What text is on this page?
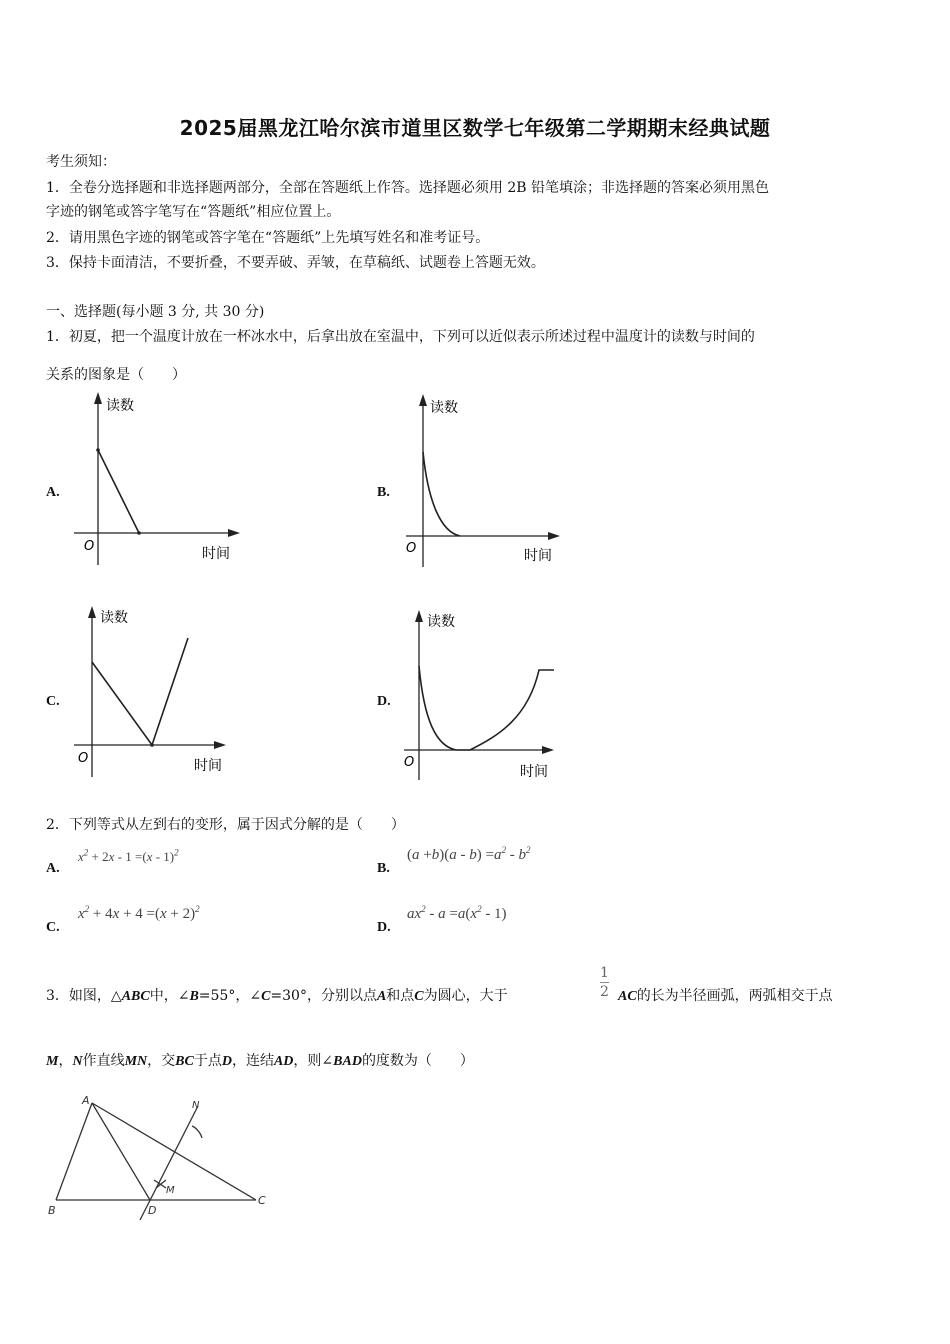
2025届黑龙江哈尔滨市道里区数学七年级第二学期期末经典试题
考生须知：
1．全卷分选择题和非选择题两部分，全部在答题纸上作答。选择题必须用 2B 铅笔填涂；非选择题的答案必须用黑色
字迹的钢笔或答字笔写在“答题纸”相应位置上。
2．请用黑色字迹的钢笔或答字笔在“答题纸”上先填写姓名和准考证号。
3．保持卡面清洁，不要折叠，不要弄破、弄皱，在草稿纸、试题卷上答题无效。
一、选择题(每小题 3 分, 共 30 分)
1．初夏，把一个温度计放在一杯冰水中，后拿出放在室温中，下列可以近似表示所述过程中温度计的读数与时间的
关系的图象是（　　）
A.	B.
C.	D.
读数
时间
O
读数
时间
O
读数
时间
O
读数
时间
O
2．下列等式从左到右的变形，属于因式分解的是（　　）
A.
$x^2 + 2x - 1 =(x - 1)^2$
B.
$(a +b)(a - b) =a^2 - b^2$
C.
$x^2 + 4x + 4 =(x + 2)^2$
D.
$ax^2 - a =a(x^2 - 1)$
3．如图，△ABC中，∠B=55°，∠C=30°，分别以点A和点C为圆心，大于	$\frac{1}{2}$ AC的长为半径画弧，两弧相交于点
M，N作直线MN，交BC于点D，连结AD，则∠BAD的度数为（　　）
A
B
C
D
M
N
